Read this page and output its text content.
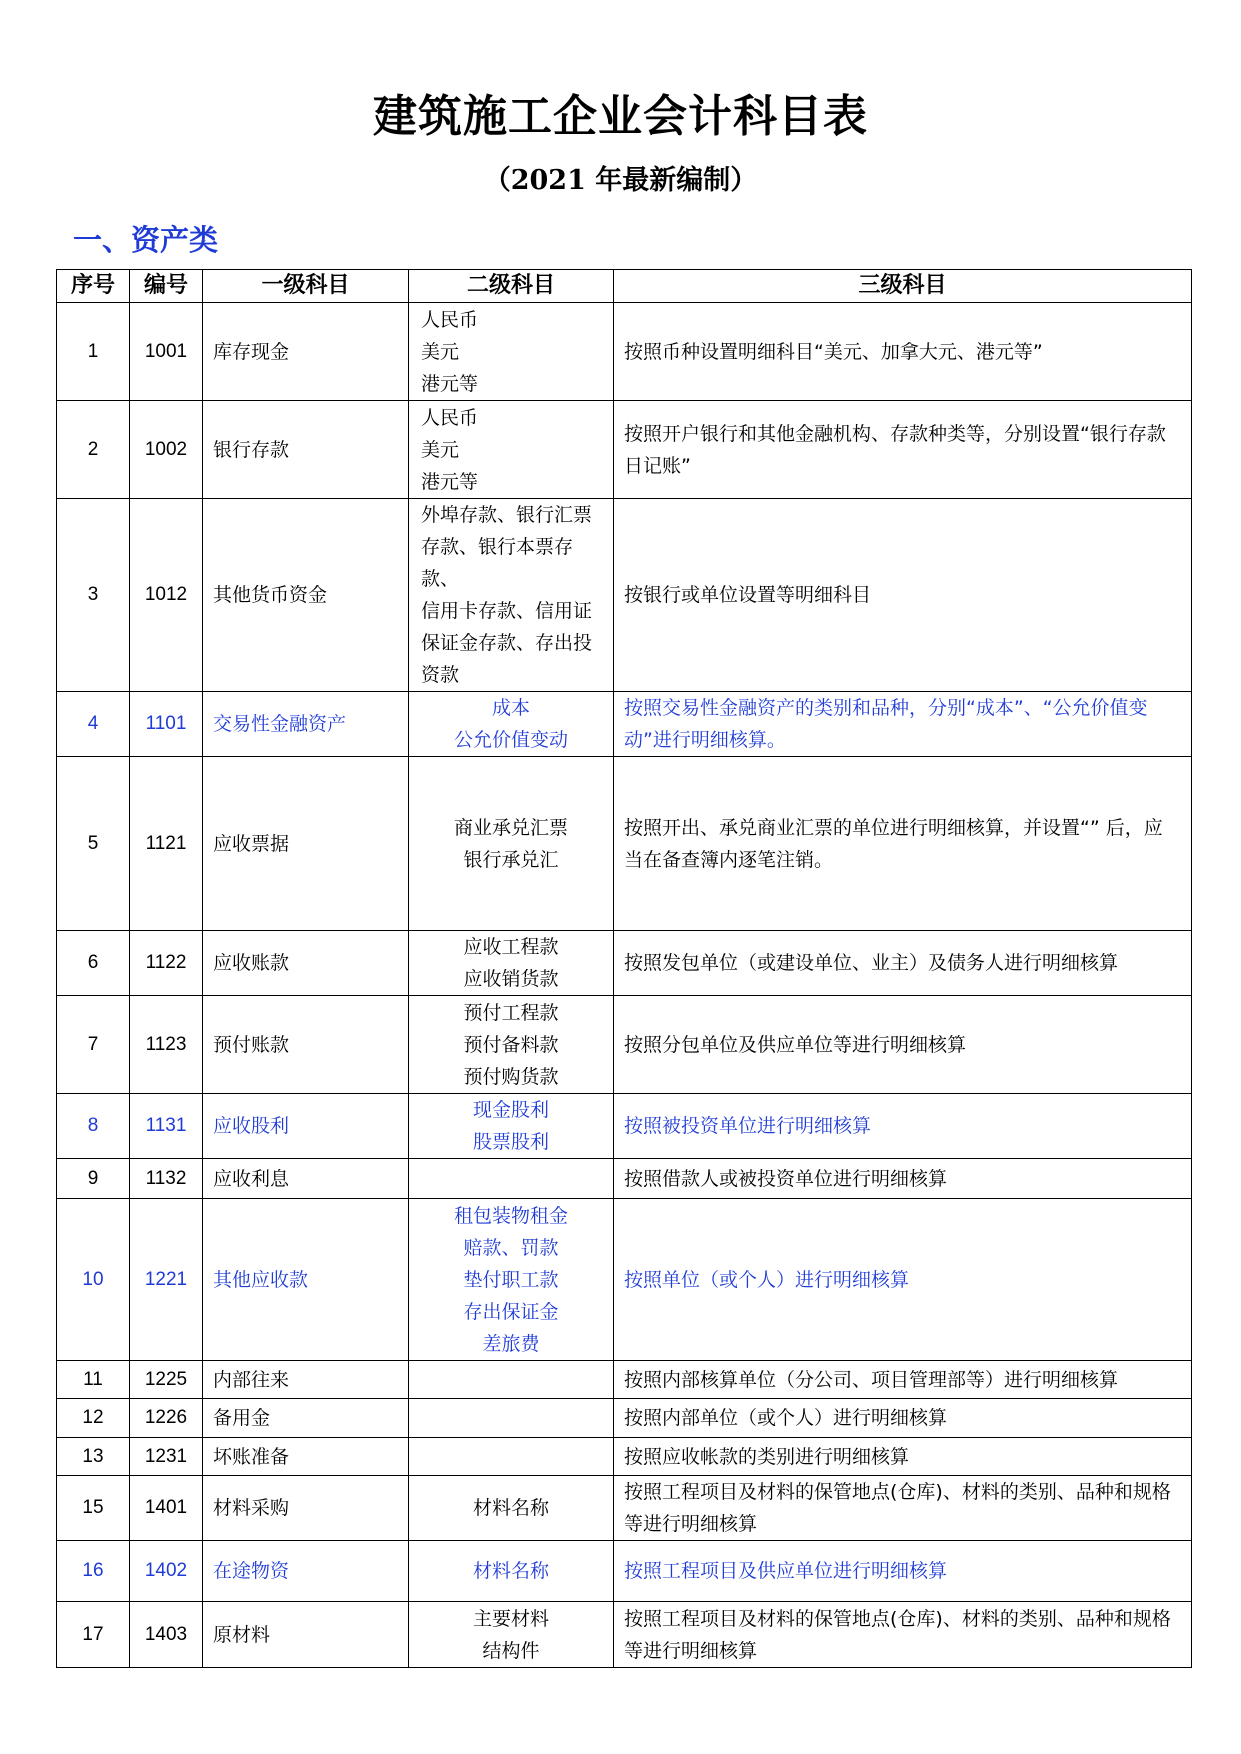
建筑施工企业会计科目表
（2021 年最新编制）
一、资产类
序号	编号	一级科目	二级科目	三级科目
1	1001	库存现金	人民币
美元
港元等	按照币种设置明细科目“美元、加拿大元、港元等”

2	1002	银行存款	人民币
美元
港元等	按照开户银行和其他金融机构、存款种类等，分别设置“银行存款日记账”

3	1012	其他货币资金	外埠存款、银行汇票
存款、银行本票存款、
信用卡存款、信用证
保证金存款、存出投
资款	按银行或单位设置等明细科目

4	1101	交易性金融资产	成本
公允价值变动	按照交易性金融资产的类别和品种，分别“成本”、“公允价值变动”进行明细核算。

5	1121	应收票据	商业承兑汇票
银行承兑汇	按照开出、承兑商业汇票的单位进行明细核算，并设置“” 后，应当在备查簿内逐笔注销。

6	1122	应收账款	应收工程款
应收销货款	按照发包单位（或建设单位、业主）及债务人进行明细核算

7	1123	预付账款	预付工程款
预付备料款
预付购货款	按照分包单位及供应单位等进行明细核算

8	1131	应收股利	现金股利
股票股利	按照被投资单位进行明细核算

9	1132	应收利息		按照借款人或被投资单位进行明细核算

10	1221	其他应收款	租包装物租金
赔款、罚款
垫付职工款
存出保证金
差旅费	按照单位（或个人）进行明细核算

11	1225	内部往来		按照内部核算单位（分公司、项目管理部等）进行明细核算

12	1226	备用金		按照内部单位（或个人）进行明细核算

13	1231	坏账准备		按照应收帐款的类别进行明细核算

15	1401	材料采购	材料名称	按照工程项目及材料的保管地点(仓库)、材料的类别、品种和规格等进行明细核算

16	1402	在途物资	材料名称	按照工程项目及供应单位进行明细核算

17	1403	原材料	主要材料
结构件	按照工程项目及材料的保管地点(仓库)、材料的类别、品种和规格等进行明细核算
